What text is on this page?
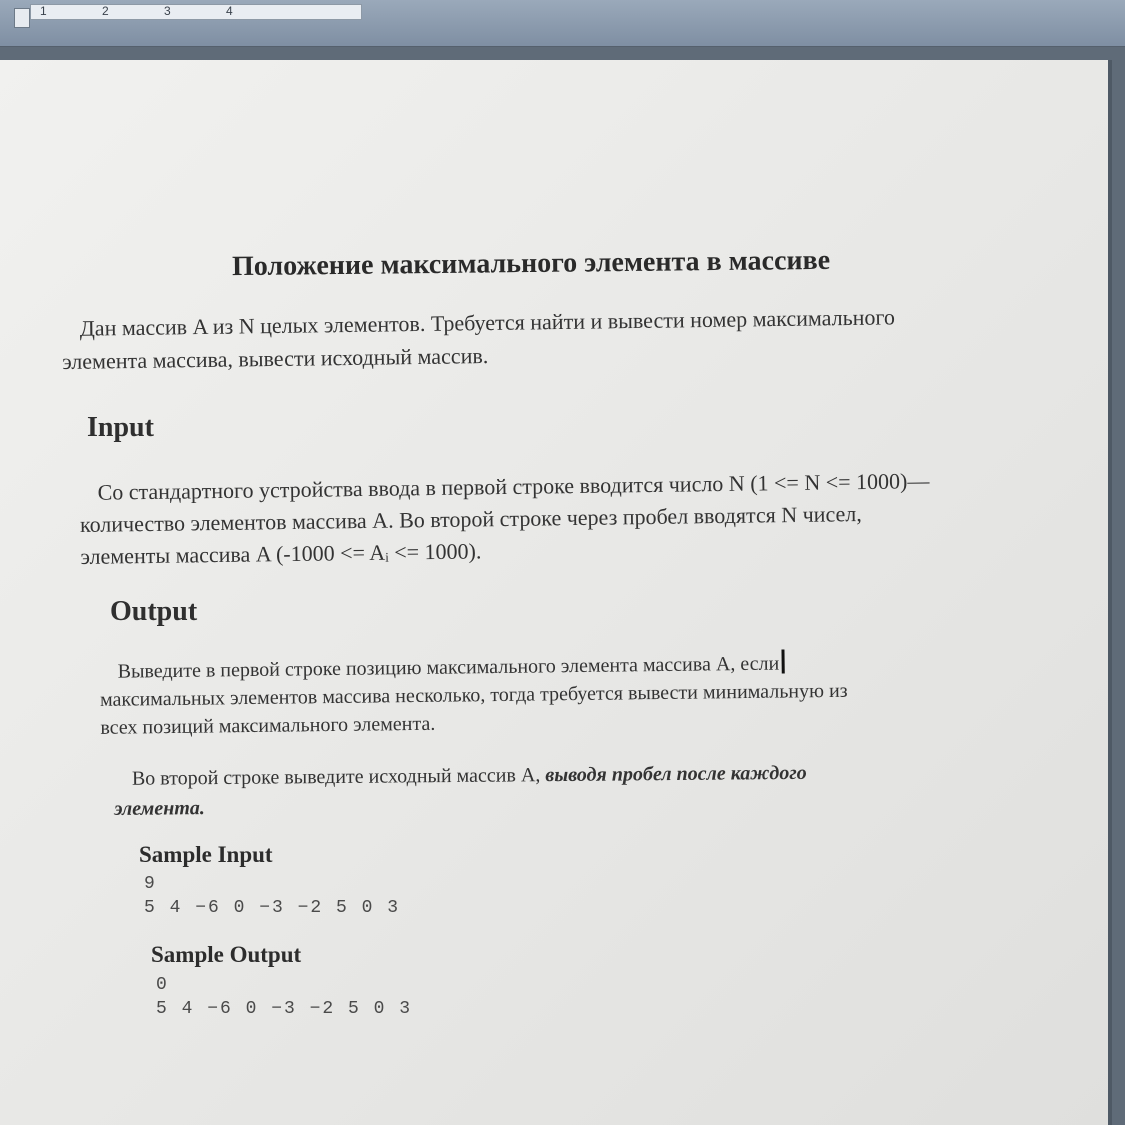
1	2	3	4
Положение максимального элемента в массиве

Дан массив A из N целых элементов. Требуется найти и вывести номер максимального
элемента массива, вывести исходный массив.

Input

Со стандартного устройства ввода в первой строке вводится число N (1 <= N <= 1000)—
количество элементов массива A. Во второй строке через пробел вводятся N чисел,
элементы массива A (-1000 <= Aᵢ <= 1000).

Output

Выведите в первой строке позицию максимального элемента массива A, если
максимальных элементов массива несколько, тогда требуется вывести минимальную из
всех позиций максимального элемента.

Во второй строке выведите исходный массив A, выводя пробел после каждого
элемента.

Sample Input

9

5 4 −6 0 −3 −2 5 0 3

Sample Output

0

5 4 −6 0 −3 −2 5 0 3
